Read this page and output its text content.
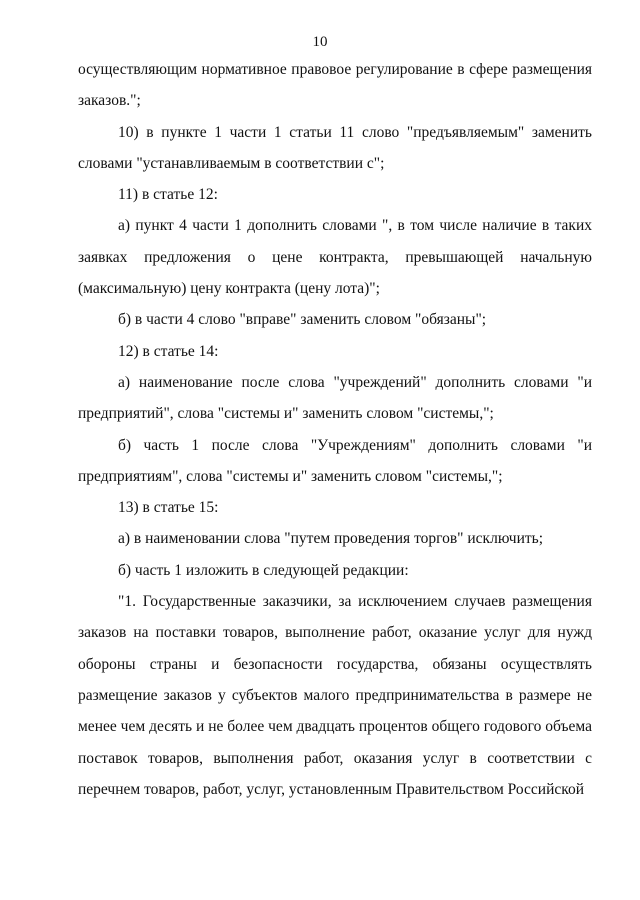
10

осуществляющим нормативное правовое регулирование в сфере размещения заказов.";

10) в пункте 1 части 1 статьи 11 слово "предъявляемым" заменить словами "устанавливаемым в соответствии с";

11) в статье 12:

а) пункт 4 части 1 дополнить словами ", в том числе наличие в таких заявках предложения о цене контракта, превышающей начальную (максимальную) цену контракта (цену лота)";

б) в части 4 слово "вправе" заменить словом "обязаны";

12) в статье 14:

а) наименование после слова "учреждений" дополнить словами "и предприятий", слова "системы и" заменить словом "системы,";

б) часть 1 после слова "Учреждениям" дополнить словами "и предприятиям", слова "системы и" заменить словом "системы,";

13) в статье 15:

а) в наименовании слова "путем проведения торгов" исключить;

б) часть 1 изложить в следующей редакции:

"1. Государственные заказчики, за исключением случаев размещения заказов на поставки товаров, выполнение работ, оказание услуг для нужд обороны страны и безопасности государства, обязаны осуществлять размещение заказов у субъектов малого предпринимательства в размере не менее чем десять и не более чем двадцать процентов общего годового объема поставок товаров, выполнения работ, оказания услуг в соответствии с перечнем товаров, работ, услуг, установленным Правительством Российской
